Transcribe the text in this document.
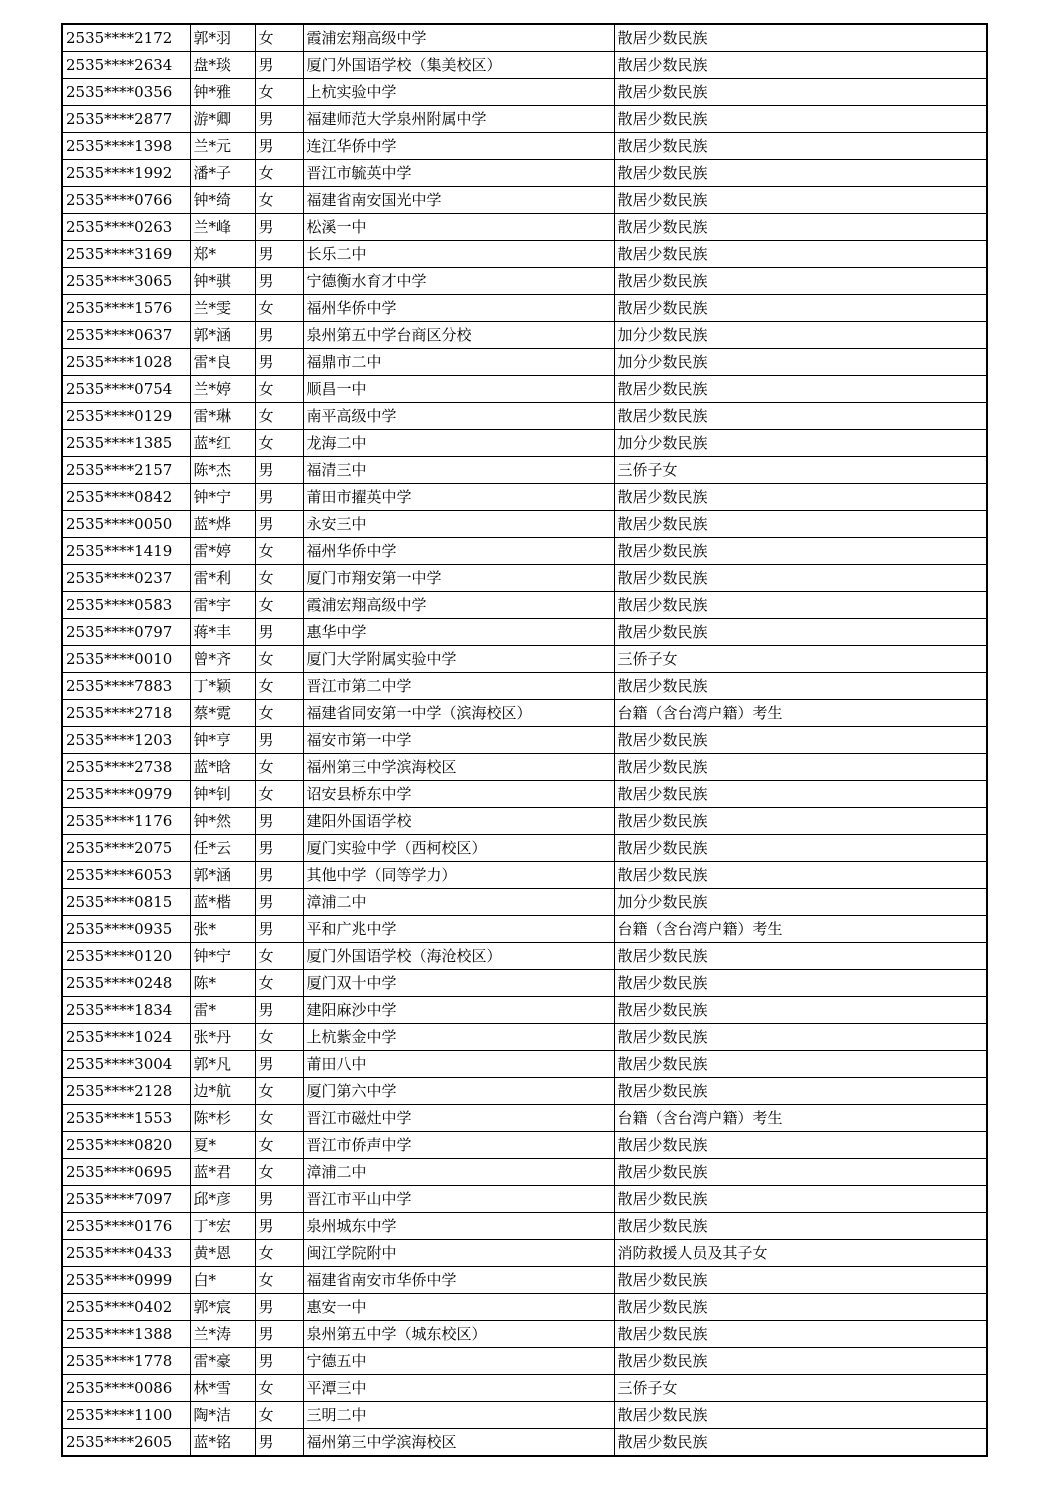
2535****2172	郭*羽	女	霞浦宏翔高级中学	散居少数民族
2535****2634	盘*琰	男	厦门外国语学校（集美校区）	散居少数民族
2535****0356	钟*雅	女	上杭实验中学	散居少数民族
2535****2877	游*卿	男	福建师范大学泉州附属中学	散居少数民族
2535****1398	兰*元	男	连江华侨中学	散居少数民族
2535****1992	潘*子	女	晋江市毓英中学	散居少数民族
2535****0766	钟*绮	女	福建省南安国光中学	散居少数民族
2535****0263	兰*峰	男	松溪一中	散居少数民族
2535****3169	郑*	男	长乐二中	散居少数民族
2535****3065	钟*骐	男	宁德衡水育才中学	散居少数民族
2535****1576	兰*雯	女	福州华侨中学	散居少数民族
2535****0637	郭*涵	男	泉州第五中学台商区分校	加分少数民族
2535****1028	雷*良	男	福鼎市二中	加分少数民族
2535****0754	兰*婷	女	顺昌一中	散居少数民族
2535****0129	雷*琳	女	南平高级中学	散居少数民族
2535****1385	蓝*红	女	龙海二中	加分少数民族
2535****2157	陈*杰	男	福清三中	三侨子女
2535****0842	钟*宁	男	莆田市擢英中学	散居少数民族
2535****0050	蓝*烨	男	永安三中	散居少数民族
2535****1419	雷*婷	女	福州华侨中学	散居少数民族
2535****0237	雷*利	女	厦门市翔安第一中学	散居少数民族
2535****0583	雷*宇	女	霞浦宏翔高级中学	散居少数民族
2535****0797	蒋*丰	男	惠华中学	散居少数民族
2535****0010	曾*齐	女	厦门大学附属实验中学	三侨子女
2535****7883	丁*颖	女	晋江市第二中学	散居少数民族
2535****2718	蔡*霓	女	福建省同安第一中学（滨海校区）	台籍（含台湾户籍）考生
2535****1203	钟*亨	男	福安市第一中学	散居少数民族
2535****2738	蓝*晗	女	福州第三中学滨海校区	散居少数民族
2535****0979	钟*钊	女	诏安县桥东中学	散居少数民族
2535****1176	钟*然	男	建阳外国语学校	散居少数民族
2535****2075	任*云	男	厦门实验中学（西柯校区）	散居少数民族
2535****6053	郭*涵	男	其他中学（同等学力）	散居少数民族
2535****0815	蓝*楷	男	漳浦二中	加分少数民族
2535****0935	张*	男	平和广兆中学	台籍（含台湾户籍）考生
2535****0120	钟*宁	女	厦门外国语学校（海沧校区）	散居少数民族
2535****0248	陈*	女	厦门双十中学	散居少数民族
2535****1834	雷*	男	建阳麻沙中学	散居少数民族
2535****1024	张*丹	女	上杭紫金中学	散居少数民族
2535****3004	郭*凡	男	莆田八中	散居少数民族
2535****2128	边*航	女	厦门第六中学	散居少数民族
2535****1553	陈*杉	女	晋江市磁灶中学	台籍（含台湾户籍）考生
2535****0820	夏*	女	晋江市侨声中学	散居少数民族
2535****0695	蓝*君	女	漳浦二中	散居少数民族
2535****7097	邱*彦	男	晋江市平山中学	散居少数民族
2535****0176	丁*宏	男	泉州城东中学	散居少数民族
2535****0433	黄*恩	女	闽江学院附中	消防救援人员及其子女
2535****0999	白*	女	福建省南安市华侨中学	散居少数民族
2535****0402	郭*宸	男	惠安一中	散居少数民族
2535****1388	兰*涛	男	泉州第五中学（城东校区）	散居少数民族
2535****1778	雷*豪	男	宁德五中	散居少数民族
2535****0086	林*雪	女	平潭三中	三侨子女
2535****1100	陶*洁	女	三明二中	散居少数民族
2535****2605	蓝*铭	男	福州第三中学滨海校区	散居少数民族
